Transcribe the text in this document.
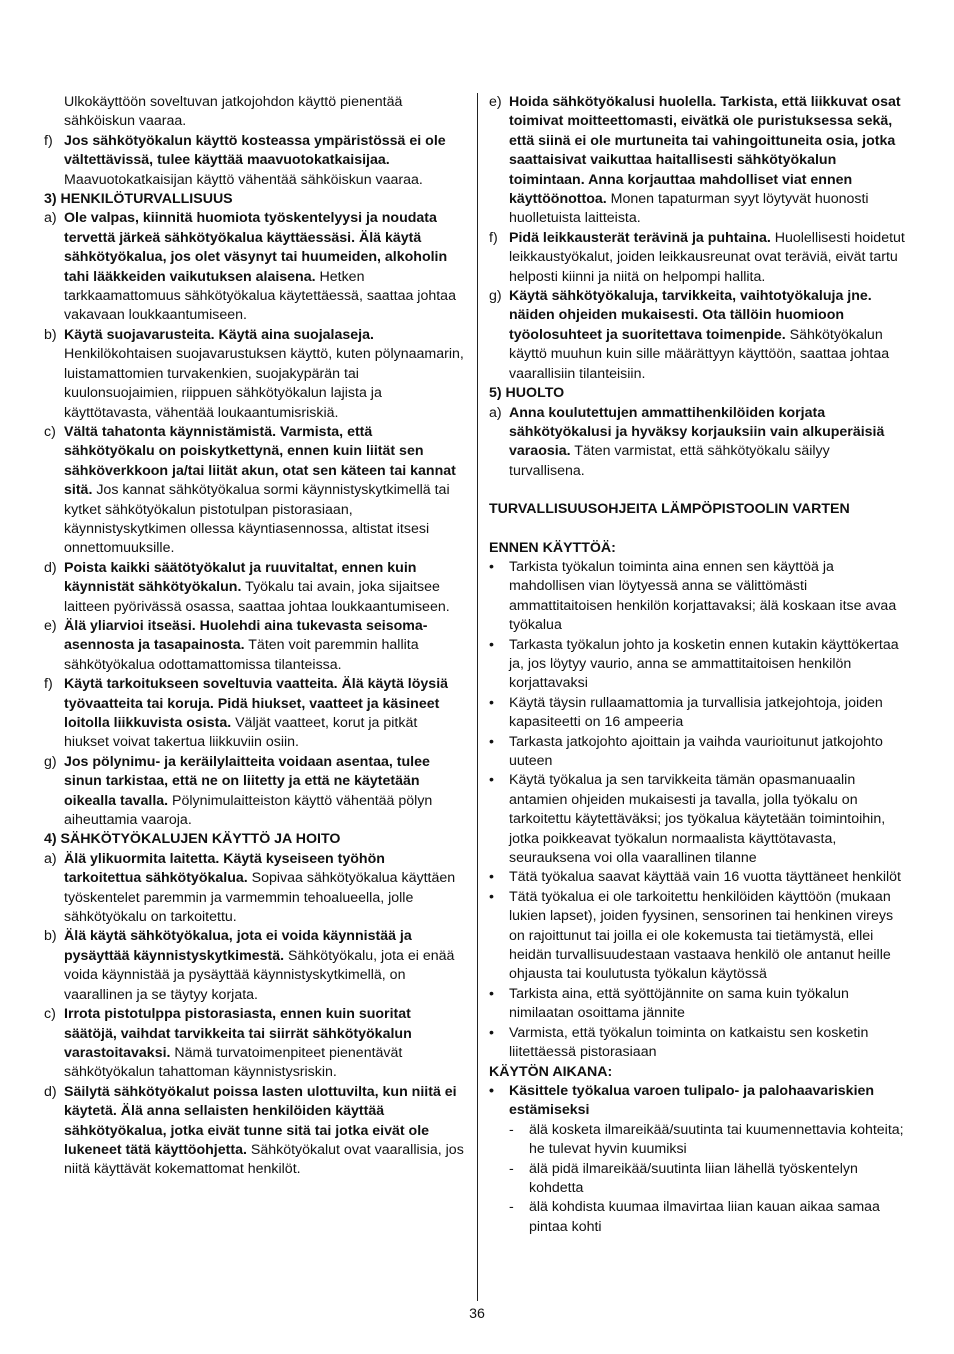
Ulkokäyttöön soveltuvan jatkojohdon käyttö pienentää sähköiskun vaaraa.
f) Jos sähkötyökalun käyttö kosteassa ympäristössä ei ole vältettävissä, tulee käyttää maavuotokatkaisijaa. Maavuotokatkaisijan käyttö vähentää sähköiskun vaaraa.
3) HENKILÖTURVALLISUUS
a) Ole valpas, kiinnitä huomiota työskentelyysi ja noudata tervettä järkeä sähkötyökalua käyttäessäsi. Älä käytä sähkötyökalua, jos olet väsynyt tai huumeiden, alkoholin tahi lääkkeiden vaikutuksen alaisena. Hetken tarkkaamattomuus sähkötyökalua käytettäessä, saattaa johtaa vakavaan loukkaantumiseen.
b) Käytä suojavarusteita. Käytä aina suojalaseja. Henkilökohtaisen suojavarustuksen käyttö, kuten pölynaamarin, luistamattomien turvakenkien, suojakypärän tai kuulonsuojaimien, riippuen sähkötyökalun lajista ja käyttötavasta, vähentää loukaantumisriskiä.
c) Vältä tahatonta käynnistämistä. Varmista, että sähkötyökalu on poiskytkettynä, ennen kuin liität sen sähköverkkoon ja/tai liität akun, otat sen käteen tai kannat sitä. Jos kannat sähkötyökalua sormi käynnistyskytkimellä tai kytket sähkötyökalun pistotulpan pistorasiaan, käynnistyskytkimen ollessa käyntiasennossa, altistat itsesi onnettomuuksille.
d) Poista kaikki säätötyökalut ja ruuvitaltat, ennen kuin käynnistät sähkötyökalun. Työkalu tai avain, joka sijaitsee laitteen pyörivässä osassa, saattaa johtaa loukkaantumiseen.
e) Älä yliarvioi itseäsi. Huolehdi aina tukevasta seisoma-asennosta ja tasapainosta. Täten voit paremmin hallita sähkötyökalua odottamattomissa tilanteissa.
f) Käytä tarkoitukseen soveltuvia vaatteita. Älä käytä löysiä työvaatteita tai koruja. Pidä hiukset, vaatteet ja käsineet loitolla liikkuvista osista. Väljät vaatteet, korut ja pitkät hiukset voivat takertua liikkuviin osiin.
g) Jos pölynimu- ja keräilylaitteita voidaan asentaa, tulee sinun tarkistaa, että ne on liitetty ja että ne käytetään oikealla tavalla. Pölynimulaitteiston käyttö vähentää pölyn aiheuttamia vaaroja.
4) SÄHKÖTYÖKALUJEN KÄYTTÖ JA HOITO
a) Älä ylikuormita laitetta. Käytä kyseiseen työhön tarkoitettua sähkötyökalua. Sopivaa sähkötyökalua käyttäen työskentelet paremmin ja varmemmin tehoalueella, jolle sähkötyökalu on tarkoitettu.
b) Älä käytä sähkötyökalua, jota ei voida käynnistää ja pysäyttää käynnistyskytkimestä. Sähkötyökalu, jota ei enää voida käynnistää ja pysäyttää käynnistyskytkimellä, on vaarallinen ja se täytyy korjata.
c) Irrota pistotulppa pistorasiasta, ennen kuin suoritat säätöjä, vaihdat tarvikkeita tai siirrät sähkötyökalun varastoitavaksi. Nämä turvatoimenpiteet pienentävät sähkötyökalun tahattoman käynnistysriskin.
d) Säilytä sähkötyökalut poissa lasten ulottuvilta, kun niitä ei käytetä. Älä anna sellaisten henkilöiden käyttää sähkötyökalua, jotka eivät tunne sitä tai jotka eivät ole lukeneet tätä käyttöohjetta. Sähkötyökalut ovat vaarallisia, jos niitä käyttävät kokemattomat henkilöt.
e) Hoida sähkötyökalusi huolella. Tarkista, että liikkuvat osat toimivat moitteettomasti, eivätkä ole puristuksessa sekä, että siinä ei ole murtuneita tai vahingoittuneita osia, jotka saattaisivat vaikuttaa haitallisesti sähkötyökalun toimintaan. Anna korjauttaa mahdolliset viat ennen käyttöönottoa. Monen tapaturman syyt löytyvät huonosti huolletuista laitteista.
f) Pidä leikkausterät terävinä ja puhtaina. Huolellisesti hoidetut leikkaustyökalut, joiden leikkausreunat ovat teräviä, eivät tartu helposti kiinni ja niitä on helpompi hallita.
g) Käytä sähkötyökaluja, tarvikkeita, vaihtotyökaluja jne. näiden ohjeiden mukaisesti. Ota tällöin huomioon työolosuhteet ja suoritettava toimenpide. Sähkötyökalun käyttö muuhun kuin sille määrättyyn käyttöön, saattaa johtaa vaarallisiin tilanteisiin.
5) HUOLTO
a) Anna koulutettujen ammattihenkilöiden korjata sähkötyökalusi ja hyväksy korjauksiin vain alkuperäisiä varaosia. Täten varmistat, että sähkötyökalu säilyy turvallisena.
TURVALLISUUSOHJEITA LÄMPÖPISTOOLIN VARTEN
ENNEN KÄYTTÖÄ:
•	Tarkista työkalun toiminta aina ennen sen käyttöä ja mahdollisen vian löytyessä anna se välittömästi ammattitaitoisen henkilön korjattavaksi; älä koskaan itse avaa työkalua
•	Tarkasta työkalun johto ja kosketin ennen kutakin käyttökertaa ja, jos löytyy vaurio, anna se ammattitaitoisen henkilön korjattavaksi
•	Käytä täysin rullaamattomia ja turvallisia jatkejohtoja, joiden kapasiteetti on 16 ampeeria
•	Tarkasta jatkojohto ajoittain ja vaihda vaurioitunut jatkojohto uuteen
•	Käytä työkalua ja sen tarvikkeita tämän opasmanuaalin antamien ohjeiden mukaisesti ja tavalla, jolla työkalu on tarkoitettu käytettäväksi; jos työkalua käytetään toimintoihin, jotka poikkeavat työkalun normaalista käyttötavasta, seurauksena voi olla vaarallinen tilanne
•	Tätä työkalua saavat käyttää vain 16 vuotta täyttäneet henkilöt
•	Tätä työkalua ei ole tarkoitettu henkilöiden käyttöön (mukaan lukien lapset), joiden fyysinen, sensorinen tai henkinen vireys on rajoittunut tai joilla ei ole kokemusta tai tietämystä, ellei heidän turvallisuudestaan vastaava henkilö ole antanut heille ohjausta tai koulutusta työkalun käytössä
•	Tarkista aina, että syöttöjännite on sama kuin työkalun nimilaatan osoittama jännite
•	Varmista, että työkalun toiminta on katkaistu sen kosketin liitettäessä pistorasiaan
KÄYTÖN AIKANA:
•	Käsittele työkalua varoen tulipalo- ja palohaavariskien estämiseksi
-	älä kosketa ilmareikää/suutinta tai kuumennettavia kohteita; he tulevat hyvin kuumiksi
-	älä pidä ilmareikää/suutinta liian lähellä työskentelyn kohdetta
-	älä kohdista kuumaa ilmavirtaa liian kauan aikaa samaa pintaa kohti
36
